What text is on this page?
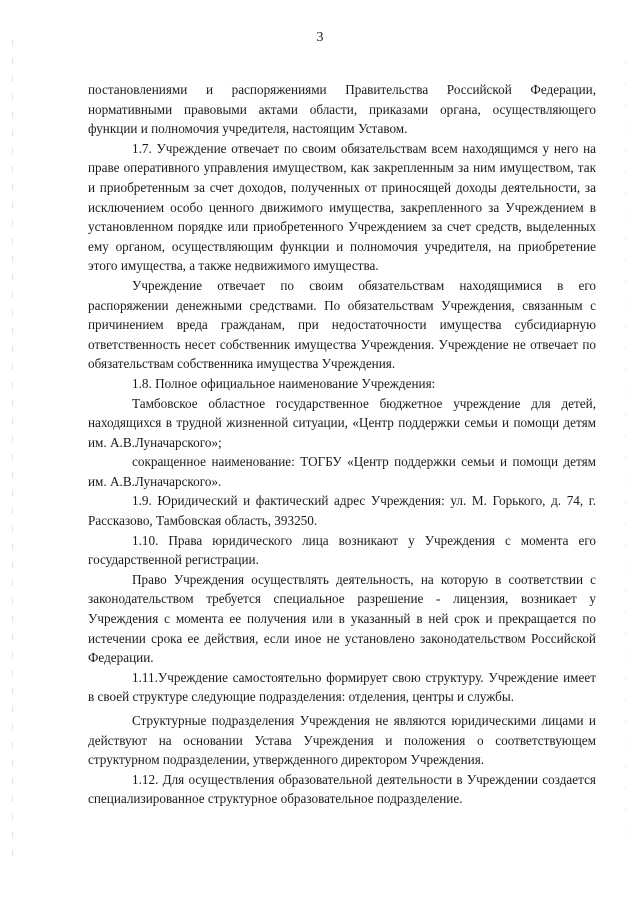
3

постановлениями и распоряжениями Правительства Российской Федерации, нормативными правовыми актами области, приказами органа, осуществляющего функции и полномочия учредителя, настоящим Уставом.

1.7. Учреждение отвечает по своим обязательствам всем находящимся у него на праве оперативного управления имуществом, как закрепленным за ним имуществом, так и приобретенным за счет доходов, полученных от приносящей доходы деятельности, за исключением особо ценного движимого имущества, закрепленного за Учреждением в установленном порядке или приобретенного Учреждением за счет средств, выделенных ему органом, осуществляющим функции и полномочия учредителя, на приобретение этого имущества, а также недвижимого имущества.

Учреждение отвечает по своим обязательствам находящимися в его распоряжении денежными средствами. По обязательствам Учреждения, связанным с причинением вреда гражданам, при недостаточности имущества субсидиарную ответственность несет собственник имущества Учреждения. Учреждение не отвечает по обязательствам собственника имущества Учреждения.

1.8. Полное официальное наименование Учреждения:

Тамбовское областное государственное бюджетное учреждение для детей, находящихся в трудной жизненной ситуации, «Центр поддержки семьи и помощи детям им. А.В.Луначарского»;

сокращенное наименование: ТОГБУ «Центр поддержки семьи и помощи детям им. А.В.Луначарского».

1.9. Юридический и фактический адрес Учреждения: ул. М. Горького, д. 74, г. Рассказово, Тамбовская область, 393250.

1.10. Права юридического лица возникают у Учреждения с момента его государственной регистрации.

Право Учреждения осуществлять деятельность, на которую в соответствии с законодательством требуется специальное разрешение - лицензия, возникает у Учреждения с момента ее получения или в указанный в ней срок и прекращается по истечении срока ее действия, если иное не установлено законодательством Российской Федерации.

1.11.Учреждение самостоятельно формирует свою структуру. Учреждение имеет в своей структуре следующие подразделения: отделения, центры и службы.

Структурные подразделения Учреждения не являются юридическими лицами и действуют на основании Устава Учреждения и положения о соответствующем структурном подразделении, утвержденного директором Учреждения.

1.12. Для осуществления образовательной деятельности в Учреждении создается специализированное структурное образовательное подразделение.
